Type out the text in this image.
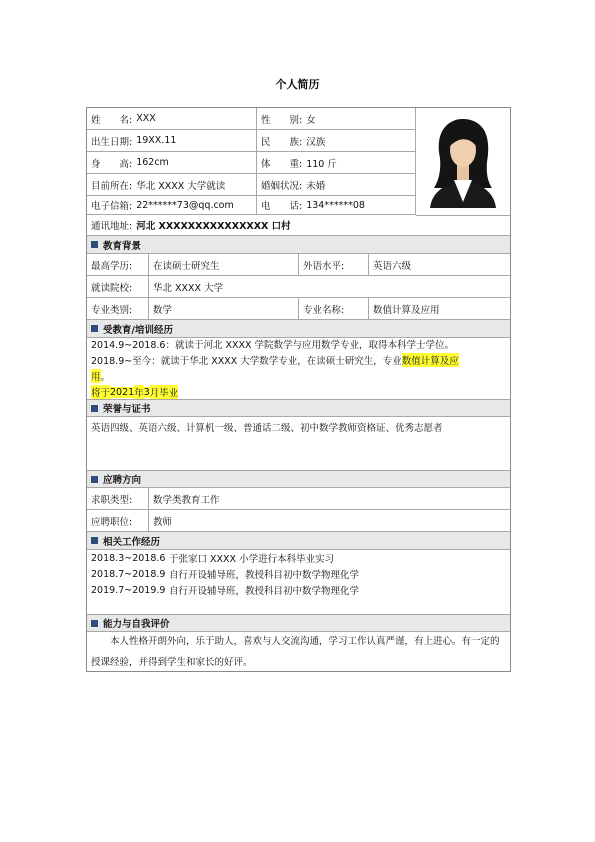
个人简历
姓　　名: XXX	性　　别: 女
出生日期: 19XX.11	民　　族: 汉族
身　　高: 162cm	体　　重: 110 斤
目前所在: 华北 XXXX 大学就读	婚姻状况: 未婚
电子信箱: 22******73@qq.com	电　　话: 134******08
通讯地址: 河北 XXXXXXXXXXXXXXX 口村
教育背景
最高学历: 在读硕士研究生	外语水平:	英语六级
就读院校: 华北 XXXX 大学
专业类别: 数学	专业名称:	数值计算及应用
受教育/培训经历
2014.9~2018.6：就读于河北 XXXX 学院数学与应用数学专业，取得本科学士学位。
2018.9~至今：就读于华北 XXXX 大学数学专业，在读硕士研究生，专业 数值计算及应
用 。
将于 2021 年 3 月毕业
荣誉与证书
英语四级、英语六级、计算机一级、普通话二级、初中数学教师资格证、优秀志愿者
应聘方向
求职类型: 数学类教育工作
应聘职位: 教师
相关工作经历
2018.3~2018.6 于张家口 XXXX 小学进行本科毕业实习
2018.7~2018.9 自行开设辅导班，教授科目初中数学物理化学
2019.7~2019.9 自行开设辅导班，教授科目初中数学物理化学
能力与自我评价
本人性格开朗外向，乐于助人，喜欢与人交流沟通，学习工作认真严谨，有上进心。有一定的授课经验，并得到学生和家长的好评。
